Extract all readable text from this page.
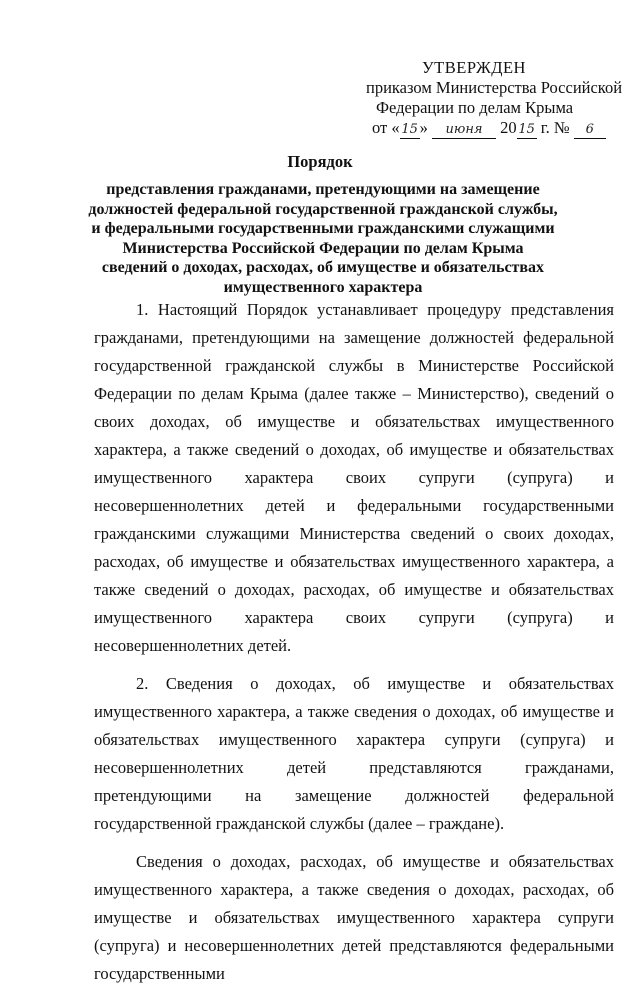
УТВЕРЖДЕН
приказом Министерства Российской
Федерации по делам Крыма
от « 15 » июня 20 15 г. № 6
Порядок
представления гражданами, претендующими на замещение должностей федеральной государственной гражданской службы, и федеральными государственными гражданскими служащими Министерства Российской Федерации по делам Крыма сведений о доходах, расходах, об имуществе и обязательствах имущественного характера

1. Настоящий Порядок устанавливает процедуру представления гражданами, претендующими на замещение должностей федеральной государственной гражданской службы в Министерстве Российской Федерации по делам Крыма (далее также – Министерство), сведений о своих доходах, об имуществе и обязательствах имущественного характера, а также сведений о доходах, об имуществе и обязательствах имущественного характера своих супруги (супруга) и несовершеннолетних детей и федеральными государственными гражданскими служащими Министерства сведений о своих доходах, расходах, об имуществе и обязательствах имущественного характера, а также сведений о доходах, расходах, об имуществе и обязательствах имущественного характера своих супруги (супруга) и несовершеннолетних детей.

2. Сведения о доходах, об имуществе и обязательствах имущественного характера, а также сведения о доходах, об имуществе и обязательствах имущественного характера супруги (супруга) и несовершеннолетних детей представляются гражданами, претендующими на замещение должностей федеральной государственной гражданской службы (далее – граждане).

Сведения о доходах, расходах, об имуществе и обязательствах имущественного характера, а также сведения о доходах, расходах, об имуществе и обязательствах имущественного характера супруги (супруга) и несовершеннолетних детей представляются федеральными государственными
